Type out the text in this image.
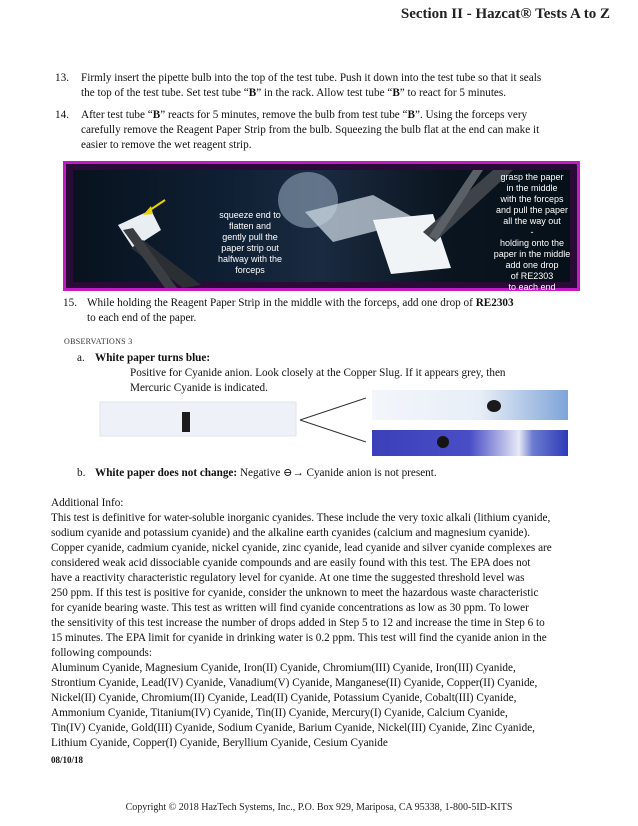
Section II - Hazcat® Tests A to Z
13. Firmly insert the pipette bulb into the top of the test tube. Push it down into the test tube so that it seals
the top of the test tube. Set test tube “B” in the rack. Allow test tube “B” to react for 5 minutes.
14. After test tube “B” reacts for 5 minutes, remove the bulb from test tube “B”. Using the forceps very
carefully remove the Reagent Paper Strip from the bulb. Squeezing the bulb flat at the end can make it
easier to remove the wet reagent strip.
squeeze end to
flatten and
gently pull the
paper strip out
halfway with the
forceps
grasp the paper
in the middle
with the forceps
and pull the paper
all the way out
-
holding onto the
paper in the middle
add one drop
of RE2303
to each end
15. While holding the Reagent Paper Strip in the middle with the forceps, add one drop of RE2303
to each end of the paper.
OBSERVATIONS 3
a. White paper turns blue:
Positive for Cyanide anion. Look closely at the Copper Slug. If it appears grey, then
Mercuric Cyanide is indicated.
b. White paper does not change: Negative ⊖→ Cyanide anion is not present.
Additional Info:
This test is definitive for water-soluble inorganic cyanides. These include the very toxic alkali (lithium cyanide,
sodium cyanide and potassium cyanide) and the alkaline earth cyanides (calcium and magnesium cyanide).
Copper cyanide, cadmium cyanide, nickel cyanide, zinc cyanide, lead cyanide and silver cyanide complexes are
considered weak acid dissociable cyanide compounds and are easily found with this test. The EPA does not
have a reactivity characteristic regulatory level for cyanide. At one time the suggested threshold level was
250 ppm. If this test is positive for cyanide, consider the unknown to meet the hazardous waste characteristic
for cyanide bearing waste. This test as written will find cyanide concentrations as low as 30 ppm. To lower
the sensitivity of this test increase the number of drops added in Step 5 to 12 and increase the time in Step 6 to
15 minutes. The EPA limit for cyanide in drinking water is 0.2 ppm. This test will find the cyanide anion in the
following compounds:
Aluminum Cyanide, Magnesium Cyanide, Iron(II) Cyanide, Chromium(III) Cyanide, Iron(III) Cyanide,
Strontium Cyanide, Lead(IV) Cyanide, Vanadium(V) Cyanide, Manganese(II) Cyanide, Copper(II) Cyanide,
Nickel(II) Cyanide, Chromium(II) Cyanide, Lead(II) Cyanide, Potassium Cyanide, Cobalt(III) Cyanide,
Ammonium Cyanide, Titanium(IV) Cyanide, Tin(II) Cyanide, Mercury(I) Cyanide, Calcium Cyanide,
Tin(IV) Cyanide, Gold(III) Cyanide, Sodium Cyanide, Barium Cyanide, Nickel(III) Cyanide, Zinc Cyanide,
Lithium Cyanide, Copper(I) Cyanide, Beryllium Cyanide, Cesium Cyanide
08/10/18
Copyright © 2018 HazTech Systems, Inc., P.O. Box 929, Mariposa, CA 95338, 1-800-5ID-KITS
